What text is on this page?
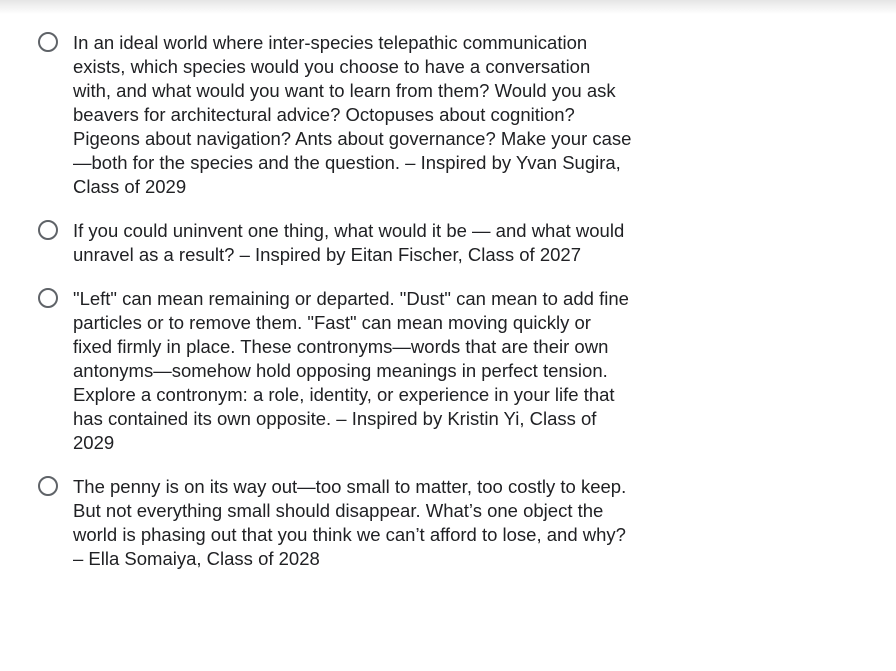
In an ideal world where inter-species telepathic communication exists, which species would you choose to have a conversation with, and what would you want to learn from them? Would you ask beavers for architectural advice? Octopuses about cognition? Pigeons about navigation? Ants about governance? Make your case—both for the species and the question. – Inspired by Yvan Sugira, Class of 2029
If you could uninvent one thing, what would it be — and what would unravel as a result? – Inspired by Eitan Fischer, Class of 2027
"Left" can mean remaining or departed. "Dust" can mean to add fine particles or to remove them. "Fast" can mean moving quickly or fixed firmly in place. These contronyms—words that are their own antonyms—somehow hold opposing meanings in perfect tension. Explore a contronym: a role, identity, or experience in your life that has contained its own opposite. – Inspired by Kristin Yi, Class of 2029
The penny is on its way out—too small to matter, too costly to keep. But not everything small should disappear. What’s one object the world is phasing out that you think we can’t afford to lose, and why? – Ella Somaiya, Class of 2028
